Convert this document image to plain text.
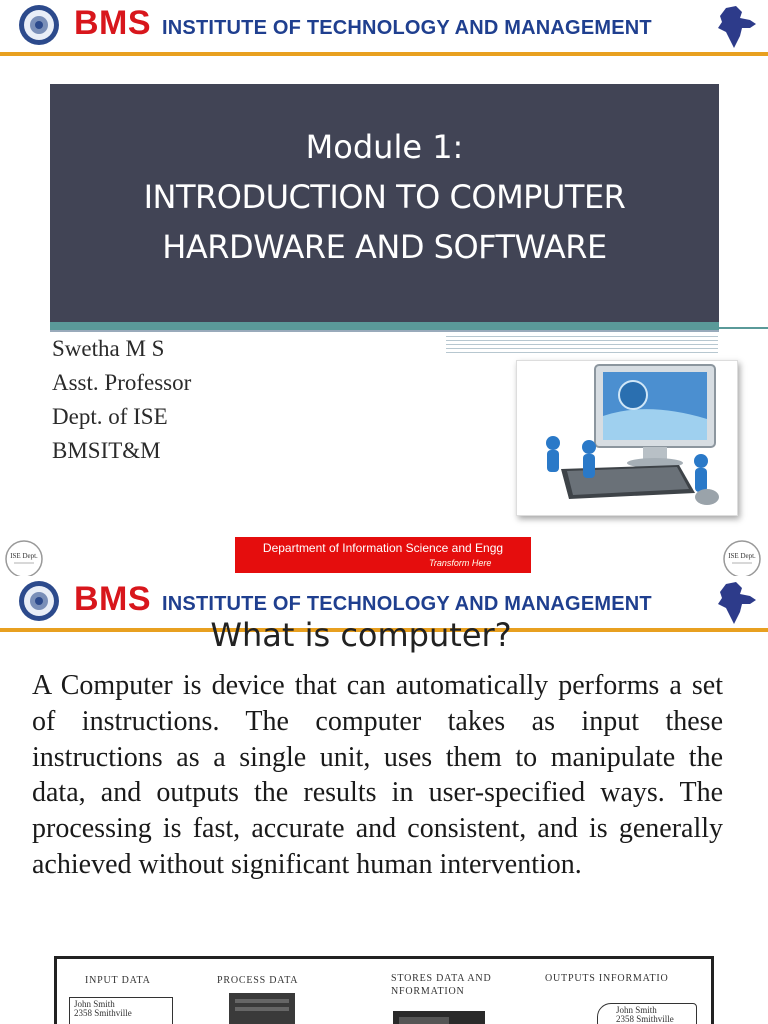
BMS INSTITUTE OF TECHNOLOGY AND MANAGEMENT
Module 1:
INTRODUCTION TO COMPUTER
HARDWARE AND SOFTWARE
Swetha M S
Asst. Professor
Dept. of ISE
BMSIT&M
ISE Dept.
Department of Information Science and Engg
Transform Here
ISE Dept.
BMS INSTITUTE OF TECHNOLOGY AND MANAGEMENT
What is computer?

A Computer is device that can automatically performs a set of instructions. The computer takes as input these instructions as a single unit, uses them to manipulate the data, and outputs the results in user-specified ways. The processing is fast, accurate and consistent, and is generally achieved without significant human intervention.

INPUT DATA	PROCESS DATA	STORES DATA AND
NFORMATION
OUTPUTS INFORMATIO
John Smith
2358 Smithville	John Smith
2358 Smithville
